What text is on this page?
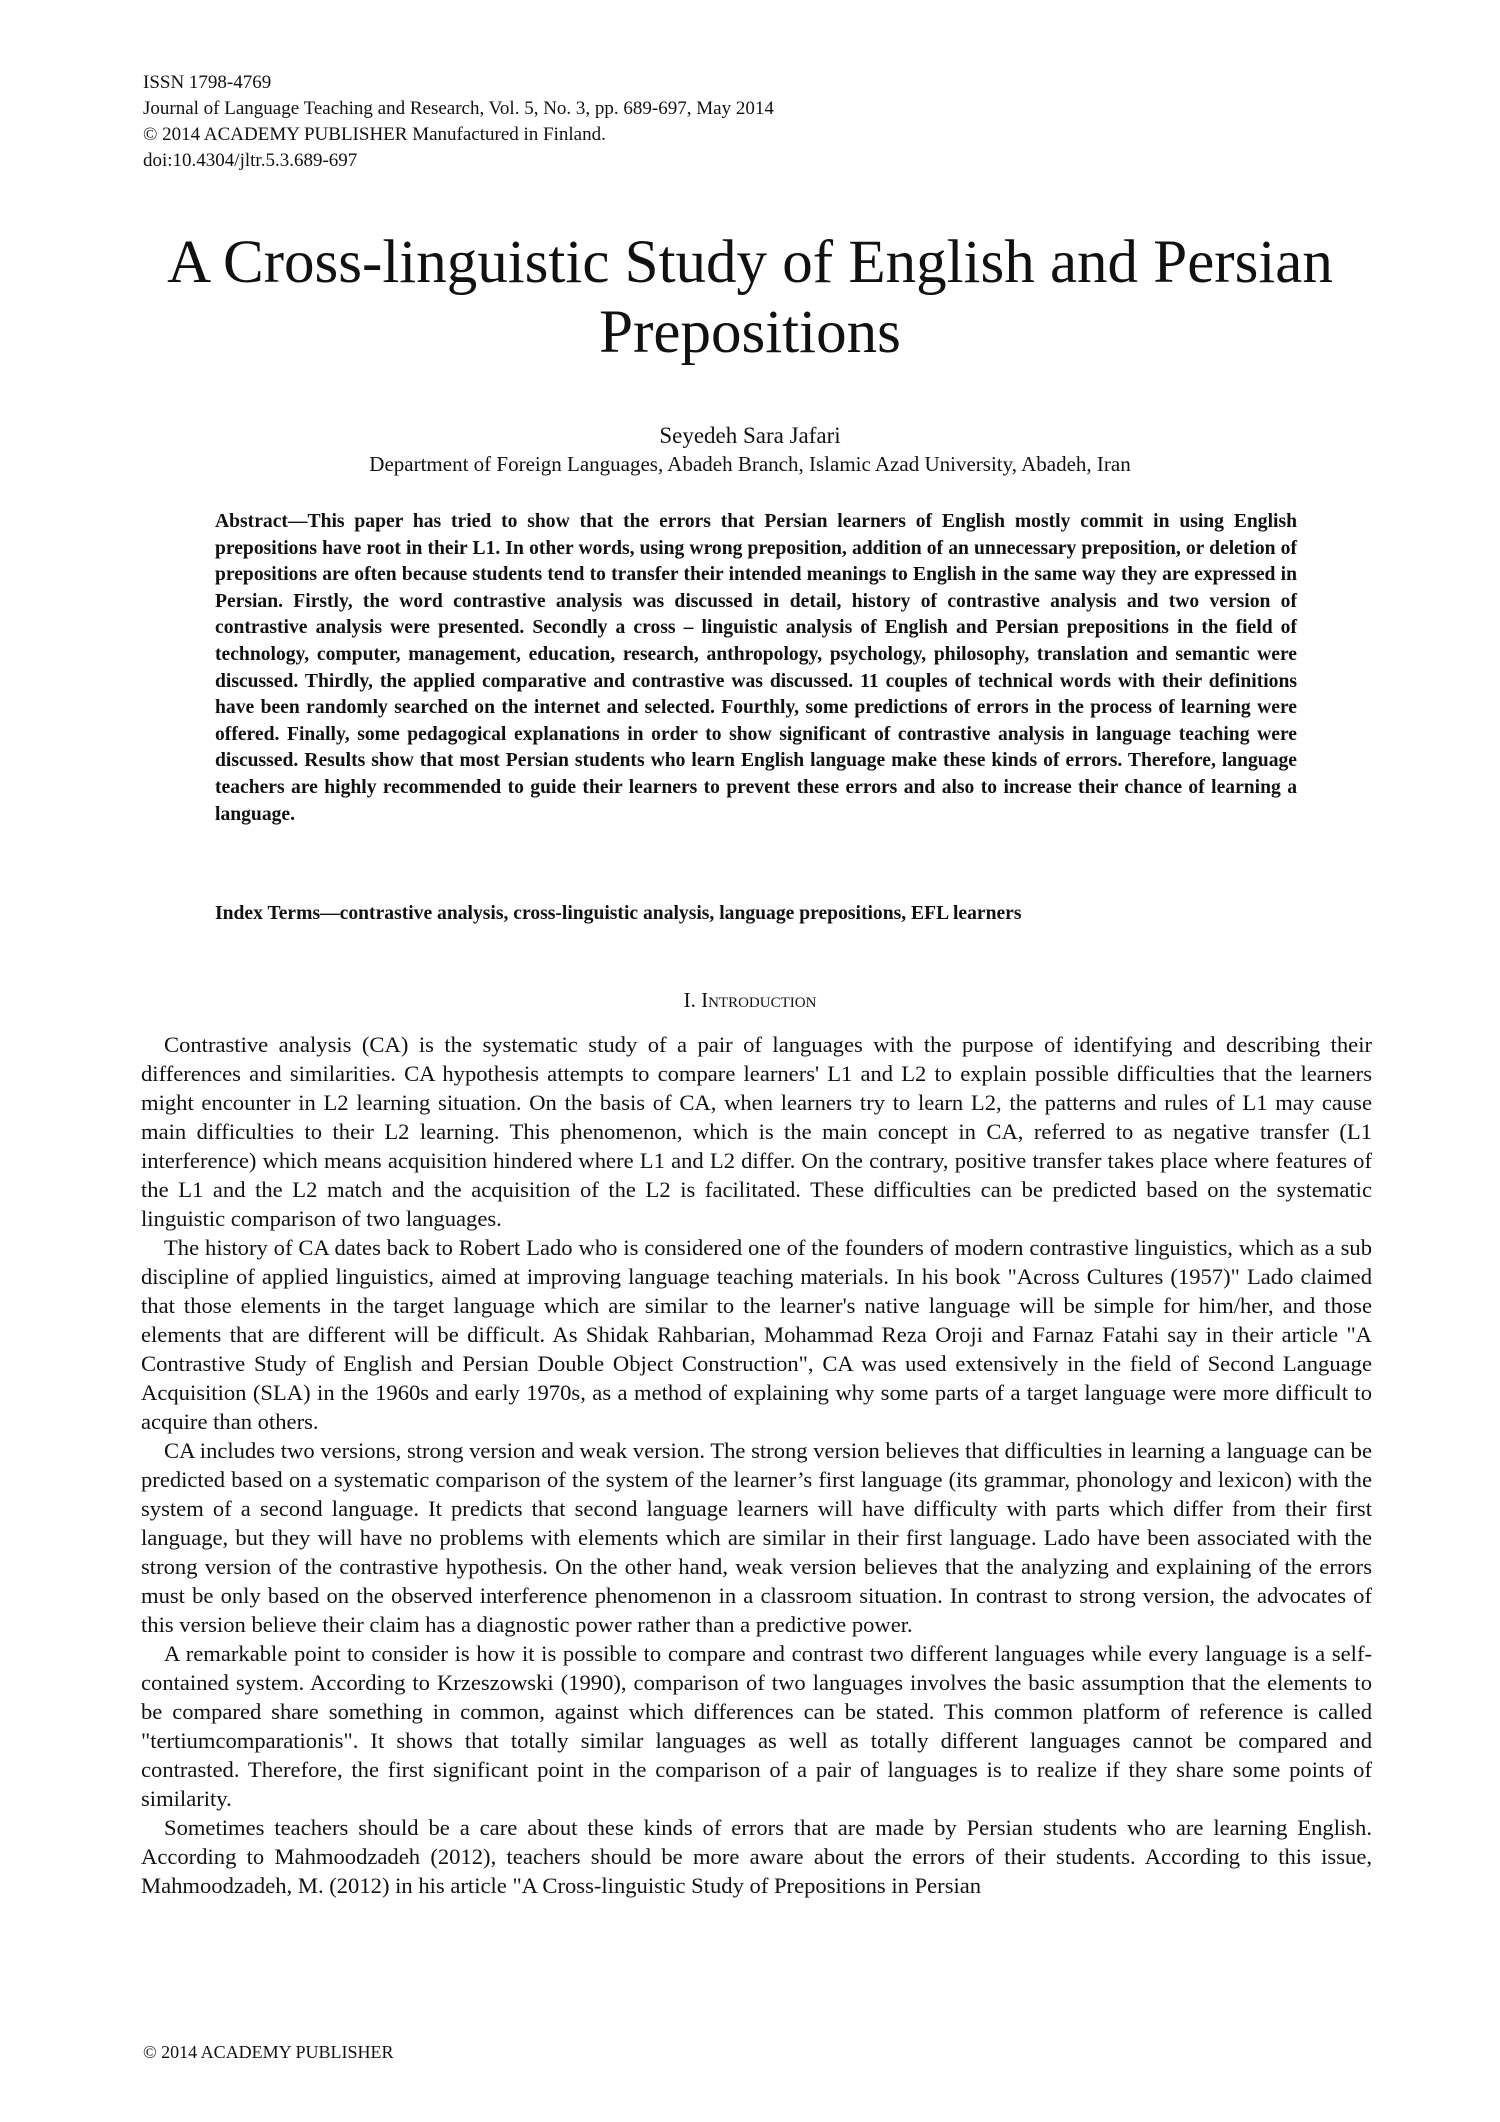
ISSN 1798-4769
Journal of Language Teaching and Research, Vol. 5, No. 3, pp. 689-697, May 2014
© 2014 ACADEMY PUBLISHER Manufactured in Finland.
doi:10.4304/jltr.5.3.689-697
A Cross-linguistic Study of English and Persian
Prepositions
Seyedeh Sara Jafari
Department of Foreign Languages, Abadeh Branch, Islamic Azad University, Abadeh, Iran

Abstract—This paper has tried to show that the errors that Persian learners of English mostly commit in using English prepositions have root in their L1. In other words, using wrong preposition, addition of an unnecessary preposition, or deletion of prepositions are often because students tend to transfer their intended meanings to English in the same way they are expressed in Persian. Firstly, the word contrastive analysis was discussed in detail, history of contrastive analysis and two version of contrastive analysis were presented. Secondly a cross – linguistic analysis of English and Persian prepositions in the field of technology, computer, management, education, research, anthropology, psychology, philosophy, translation and semantic were discussed. Thirdly, the applied comparative and contrastive was discussed. 11 couples of technical words with their definitions have been randomly searched on the internet and selected. Fourthly, some predictions of errors in the process of learning were offered. Finally, some pedagogical explanations in order to show significant of contrastive analysis in language teaching were discussed. Results show that most Persian students who learn English language make these kinds of errors. Therefore, language teachers are highly recommended to guide their learners to prevent these errors and also to increase their chance of learning a language.

Index Terms—contrastive analysis, cross-linguistic analysis, language prepositions, EFL learners

I. Introduction

Contrastive analysis (CA) is the systematic study of a pair of languages with the purpose of identifying and describing their differences and similarities. CA hypothesis attempts to compare learners' L1 and L2 to explain possible difficulties that the learners might encounter in L2 learning situation. On the basis of CA, when learners try to learn L2, the patterns and rules of L1 may cause main difficulties to their L2 learning. This phenomenon, which is the main concept in CA, referred to as negative transfer (L1 interference) which means acquisition hindered where L1 and L2 differ. On the contrary, positive transfer takes place where features of the L1 and the L2 match and the acquisition of the L2 is facilitated. These difficulties can be predicted based on the systematic linguistic comparison of two languages.

The history of CA dates back to Robert Lado who is considered one of the founders of modern contrastive linguistics, which as a sub discipline of applied linguistics, aimed at improving language teaching materials. In his book "Across Cultures (1957)" Lado claimed that those elements in the target language which are similar to the learner's native language will be simple for him/her, and those elements that are different will be difficult. As Shidak Rahbarian, Mohammad Reza Oroji and Farnaz Fatahi say in their article "A Contrastive Study of English and Persian Double Object Construction", CA was used extensively in the field of Second Language Acquisition (SLA) in the 1960s and early 1970s, as a method of explaining why some parts of a target language were more difficult to acquire than others.

CA includes two versions, strong version and weak version. The strong version believes that difficulties in learning a language can be predicted based on a systematic comparison of the system of the learner’s first language (its grammar, phonology and lexicon) with the system of a second language. It predicts that second language learners will have difficulty with parts which differ from their first language, but they will have no problems with elements which are similar in their first language. Lado have been associated with the strong version of the contrastive hypothesis. On the other hand, weak version believes that the analyzing and explaining of the errors must be only based on the observed interference phenomenon in a classroom situation. In contrast to strong version, the advocates of this version believe their claim has a diagnostic power rather than a predictive power.

A remarkable point to consider is how it is possible to compare and contrast two different languages while every language is a self-contained system. According to Krzeszowski (1990), comparison of two languages involves the basic assumption that the elements to be compared share something in common, against which differences can be stated. This common platform of reference is called "tertiumcomparationis". It shows that totally similar languages as well as totally different languages cannot be compared and contrasted. Therefore, the first significant point in the comparison of a pair of languages is to realize if they share some points of similarity.

Sometimes teachers should be a care about these kinds of errors that are made by Persian students who are learning English. According to Mahmoodzadeh (2012), teachers should be more aware about the errors of their students. According to this issue, Mahmoodzadeh, M. (2012) in his article "A Cross-linguistic Study of Prepositions in Persian

© 2014 ACADEMY PUBLISHER
